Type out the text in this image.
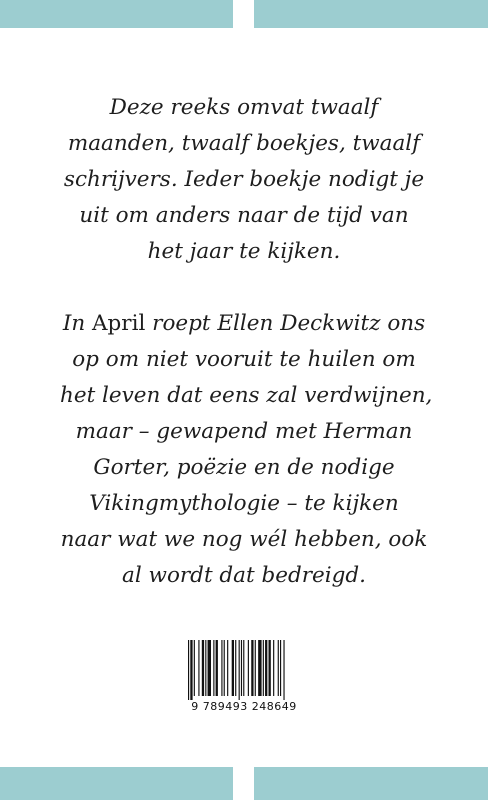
Deze reeks omvat twaalf
maanden, twaalf boekjes, twaalf
schrijvers. Ieder boekje nodigt je
uit om anders naar de tijd van
het jaar te kijken.

In April roept Ellen Deckwitz ons
op om niet vooruit te huilen om
het leven dat eens zal verdwijnen,
maar – gewapend met Herman
Gorter, poëzie en de nodige
Vikingmythologie – te kijken
naar wat we nog wél hebben, ook
al wordt dat bedreigd.

9 789493 248649
